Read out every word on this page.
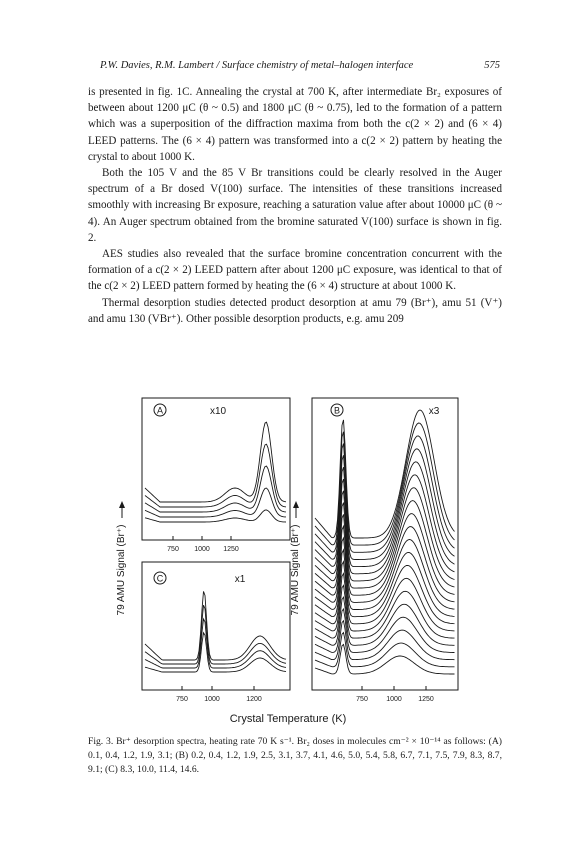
P.W. Davies, R.M. Lambert / Surface chemistry of metal–halogen interface	575

is presented in fig. 1C. Annealing the crystal at 700 K, after intermediate Br₂ exposures of between about 1200 μC (θ ~ 0.5) and 1800 μC (θ ~ 0.75), led to the formation of a pattern which was a superposition of the diffraction maxima from both the c(2 × 2) and (6 × 4) LEED patterns. The (6 × 4) pattern was transformed into a c(2 × 2) pattern by heating the crystal to about 1000 K.

Both the 105 V and the 85 V Br transitions could be clearly resolved in the Auger spectrum of a Br dosed V(100) surface. The intensities of these transitions increased smoothly with increasing Br exposure, reaching a saturation value after about 10000 μC (θ ~ 4). An Auger spectrum obtained from the bromine saturated V(100) surface is shown in fig. 2.

AES studies also revealed that the surface bromine concentration concurrent with the formation of a c(2 × 2) LEED pattern after about 1200 μC exposure, was identical to that of the c(2 × 2) LEED pattern formed by heating the (6 × 4) structure at about 1000 K.

Thermal desorption studies detected product desorption at amu 79 (Br⁺), amu 51 (V⁺) and amu 130 (VBr⁺). Other possible desorption products, e.g. amu 209

A	x10
750 1000 1250
C	x1
750 1000	1200
79 AMU Signal (Br⁺)
B	x3
750	1000 1250
79 AMU Signal (Br⁺)
Crystal Temperature (K)
Fig. 3. Br⁺ desorption spectra, heating rate 70 K s⁻¹. Br₂ doses in molecules cm⁻² × 10⁻¹⁴ as follows: (A) 0.1, 0.4, 1.2, 1.9, 3.1; (B) 0.2, 0.4, 1.2, 1.9, 2.5, 3.1, 3.7, 4.1, 4.6, 5.0, 5.4, 5.8, 6.7, 7.1, 7.5, 7.9, 8.3, 8.7, 9.1; (C) 8.3, 10.0, 11.4, 14.6.
